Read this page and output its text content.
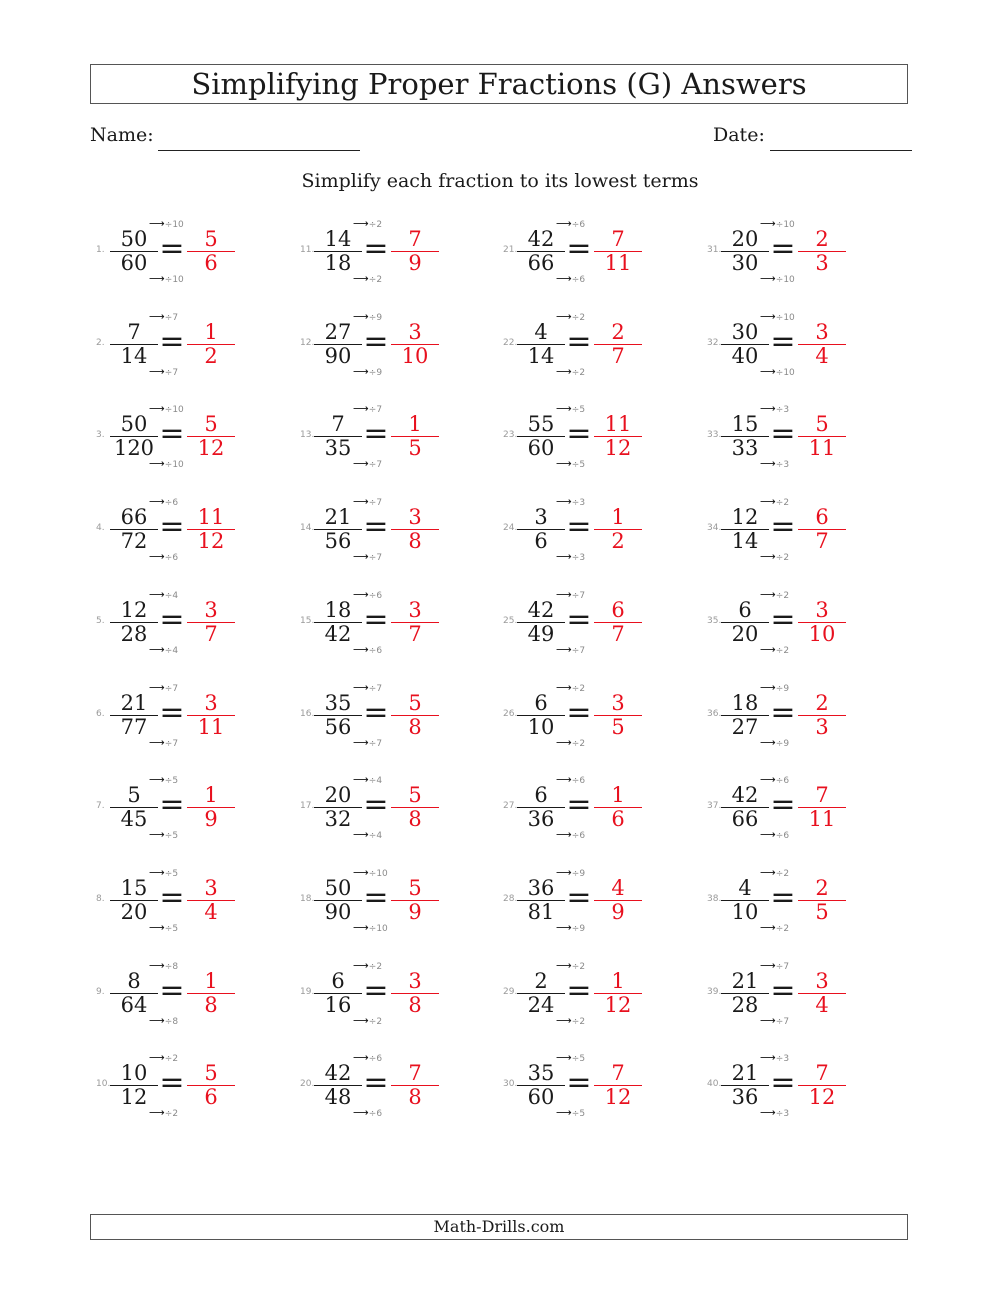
Simplifying Proper Fractions (G) Answers
Name:	Date:
Simplify each fraction to its lowest terms
1. $\frac{50}{60}$
⟶÷10
=
⟶÷10
$\frac{5}{6}$
2. $\frac{7}{14}$
⟶÷7
=
⟶÷7
$\frac{1}{2}$
3. $\frac{50}{120}$
⟶÷10
=
⟶÷10
$\frac{5}{12}$
4. $\frac{66}{72}$
⟶÷6
=
⟶÷6
$\frac{11}{12}$
5. $\frac{12}{28}$
⟶÷4
=
⟶÷4
$\frac{3}{7}$
6. $\frac{21}{77}$
⟶÷7
=
⟶÷7
$\frac{3}{11}$
7. $\frac{5}{45}$
⟶÷5
=
⟶÷5
$\frac{1}{9}$
8. $\frac{15}{20}$
⟶÷5
=
⟶÷5
$\frac{3}{4}$
9. $\frac{8}{64}$
⟶÷8
=
⟶÷8
$\frac{1}{8}$
10. $\frac{10}{12}$
⟶÷2
=
⟶÷2
$\frac{5}{6}$
11. $\frac{14}{18}$
⟶÷2
=
⟶÷2
$\frac{7}{9}$
12. $\frac{27}{90}$
⟶÷9
=
⟶÷9
$\frac{3}{10}$
13. $\frac{7}{35}$
⟶÷7
=
⟶÷7
$\frac{1}{5}$
14. $\frac{21}{56}$
⟶÷7
=
⟶÷7
$\frac{3}{8}$
15. $\frac{18}{42}$
⟶÷6
=
⟶÷6
$\frac{3}{7}$
16. $\frac{35}{56}$
⟶÷7
=
⟶÷7
$\frac{5}{8}$
17. $\frac{20}{32}$
⟶÷4
=
⟶÷4
$\frac{5}{8}$
18. $\frac{50}{90}$
⟶÷10
=
⟶÷10
$\frac{5}{9}$
19. $\frac{6}{16}$
⟶÷2
=
⟶÷2
$\frac{3}{8}$
20. $\frac{42}{48}$
⟶÷6
=
⟶÷6
$\frac{7}{8}$
21. $\frac{42}{66}$
⟶÷6
=
⟶÷6
$\frac{7}{11}$
22. $\frac{4}{14}$
⟶÷2
=
⟶÷2
$\frac{2}{7}$
23. $\frac{55}{60}$
⟶÷5
=
⟶÷5
$\frac{11}{12}$
24. $\frac{3}{6}$
⟶÷3
=
⟶÷3
$\frac{1}{2}$
25. $\frac{42}{49}$
⟶÷7
=
⟶÷7
$\frac{6}{7}$
26. $\frac{6}{10}$
⟶÷2
=
⟶÷2
$\frac{3}{5}$
27. $\frac{6}{36}$
⟶÷6
=
⟶÷6
$\frac{1}{6}$
28. $\frac{36}{81}$
⟶÷9
=
⟶÷9
$\frac{4}{9}$
29. $\frac{2}{24}$
⟶÷2
=
⟶÷2
$\frac{1}{12}$
30. $\frac{35}{60}$
⟶÷5
=
⟶÷5
$\frac{7}{12}$
31. $\frac{20}{30}$
⟶÷10
=
⟶÷10
$\frac{2}{3}$
32. $\frac{30}{40}$
⟶÷10
=
⟶÷10
$\frac{3}{4}$
33. $\frac{15}{33}$
⟶÷3
=
⟶÷3
$\frac{5}{11}$
34. $\frac{12}{14}$
⟶÷2
=
⟶÷2
$\frac{6}{7}$
35. $\frac{6}{20}$
⟶÷2
=
⟶÷2
$\frac{3}{10}$
36. $\frac{18}{27}$
⟶÷9
=
⟶÷9
$\frac{2}{3}$
37. $\frac{42}{66}$
⟶÷6
=
⟶÷6
$\frac{7}{11}$
38. $\frac{4}{10}$
⟶÷2
=
⟶÷2
$\frac{2}{5}$
39. $\frac{21}{28}$
⟶÷7
=
⟶÷7
$\frac{3}{4}$
40. $\frac{21}{36}$
⟶÷3
=
⟶÷3
$\frac{7}{12}$
Math-Drills.com
